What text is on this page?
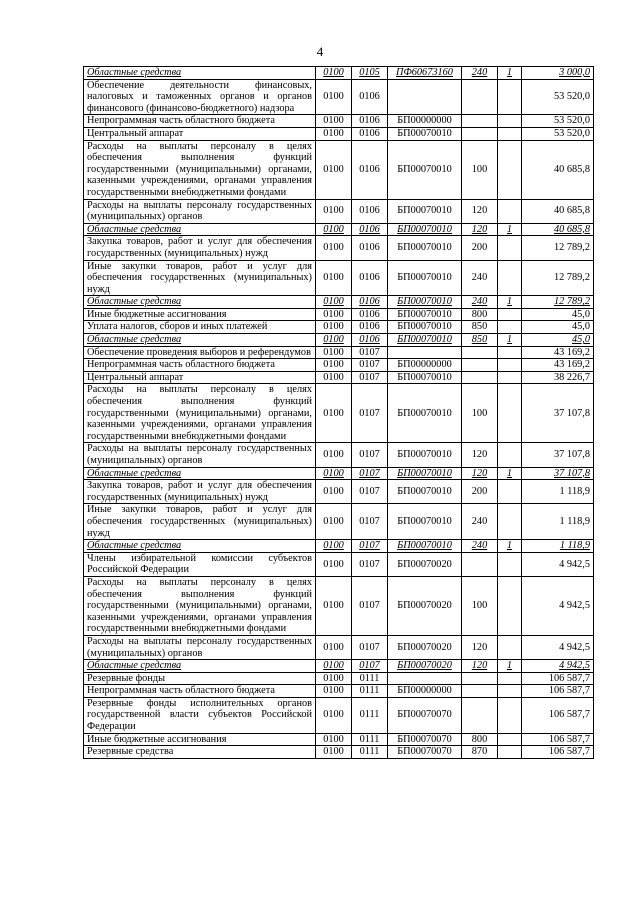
4
Областные средства	0100	0105	ПФ60673160	240	1	3 000,0
Обеспечение деятельности финансовых, налоговых и таможенных органов и органов финансового (финансово-бюджетного) надзора	0100	0106				53 520,0
Непрограммная часть областного бюджета	0100	0106	БП00000000			53 520,0
Центральный аппарат	0100	0106	БП00070010			53 520,0
Расходы на выплаты персоналу в целях обеспечения выполнения функций государственными (муниципальными) органами, казенными учреждениями, органами управления государственными внебюджетными фондами	0100	0106	БП00070010	100		40 685,8
Расходы на выплаты персоналу государственных (муниципальных) органов	0100	0106	БП00070010	120		40 685,8
Областные средства	0100	0106	БП00070010	120	1	40 685,8
Закупка товаров, работ и услуг для обеспечения государственных (муниципальных) нужд	0100	0106	БП00070010	200		12 789,2
Иные закупки товаров, работ и услуг для обеспечения государственных (муниципальных) нужд	0100	0106	БП00070010	240		12 789,2
Областные средства	0100	0106	БП00070010	240	1	12 789,2
Иные бюджетные ассигнования	0100	0106	БП00070010	800		45,0
Уплата налогов, сборов и иных платежей	0100	0106	БП00070010	850		45,0
Областные средства	0100	0106	БП00070010	850	1	45,0
Обеспечение проведения выборов и референдумов	0100	0107				43 169,2
Непрограммная часть областного бюджета	0100	0107	БП00000000			43 169,2
Центральный аппарат	0100	0107	БП00070010			38 226,7
Расходы на выплаты персоналу в целях обеспечения выполнения функций государственными (муниципальными) органами, казенными учреждениями, органами управления государственными внебюджетными фондами	0100	0107	БП00070010	100		37 107,8
Расходы на выплаты персоналу государственных (муниципальных) органов	0100	0107	БП00070010	120		37 107,8
Областные средства	0100	0107	БП00070010	120	1	37 107,8
Закупка товаров, работ и услуг для обеспечения государственных (муниципальных) нужд	0100	0107	БП00070010	200		1 118,9
Иные закупки товаров, работ и услуг для обеспечения государственных (муниципальных) нужд	0100	0107	БП00070010	240		1 118,9
Областные средства	0100	0107	БП00070010	240	1	1 118,9
Члены избирательной комиссии субъектов Российской Федерации	0100	0107	БП00070020			4 942,5
Расходы на выплаты персоналу в целях обеспечения выполнения функций государственными (муниципальными) органами, казенными учреждениями, органами управления государственными внебюджетными фондами	0100	0107	БП00070020	100		4 942,5
Расходы на выплаты персоналу государственных (муниципальных) органов	0100	0107	БП00070020	120		4 942,5
Областные средства	0100	0107	БП00070020	120	1	4 942,5
Резервные фонды	0100	0111				106 587,7
Непрограммная часть областного бюджета	0100	0111	БП00000000			106 587,7
Резервные фонды исполнительных органов государственной власти субъектов Российской Федерации	0100	0111	БП00070070			106 587,7
Иные бюджетные ассигнования	0100	0111	БП00070070	800		106 587,7
Резервные средства	0100	0111	БП00070070	870		106 587,7
